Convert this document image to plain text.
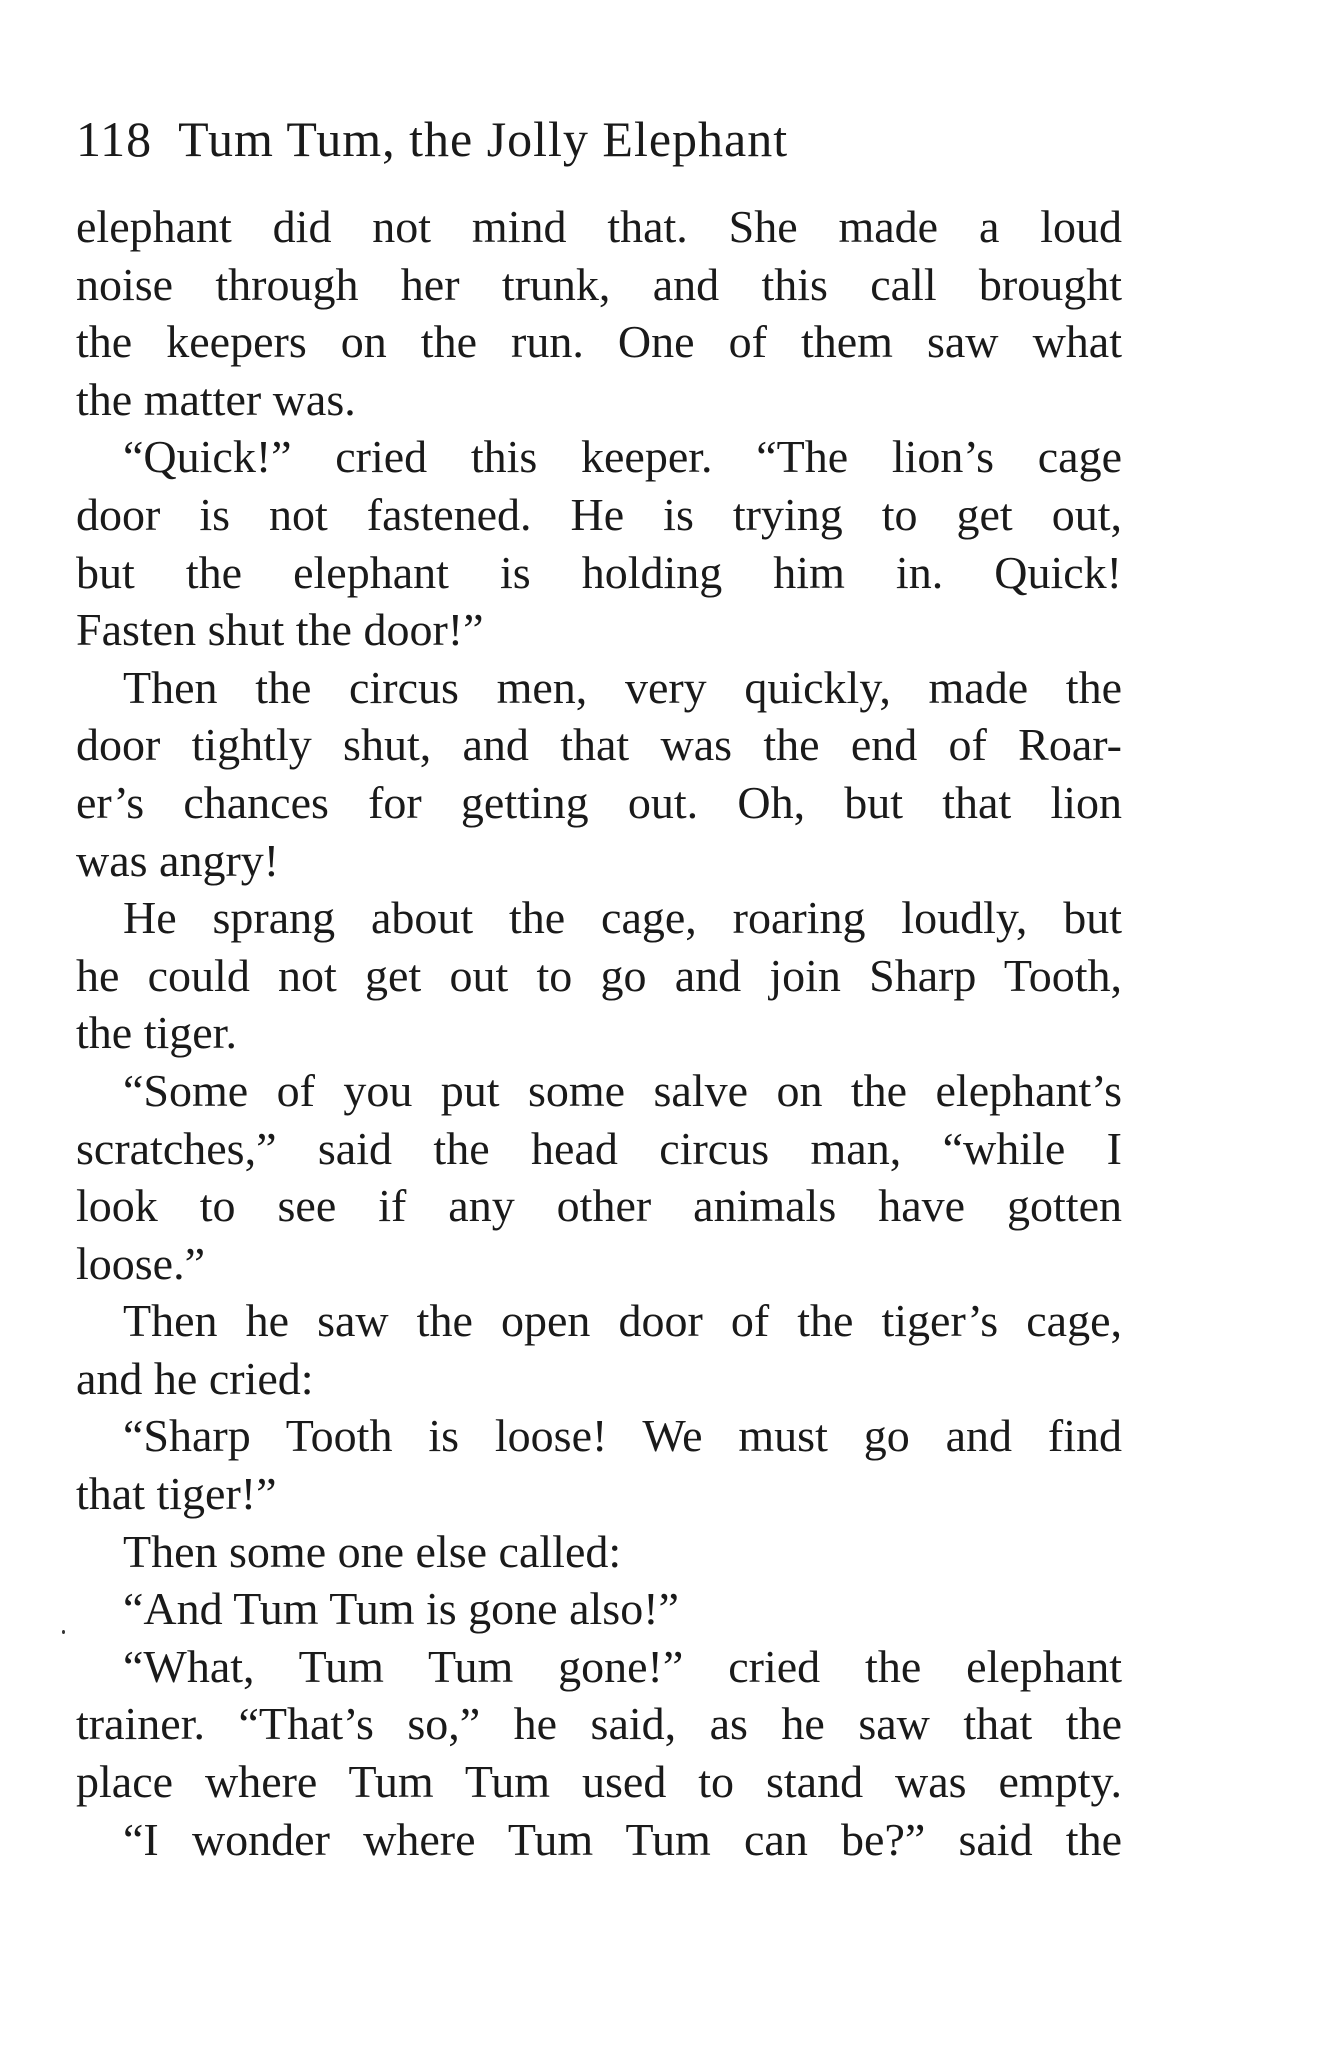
118 Tum Tum, the Jolly Elephant
elephant did not mind that. She made a loud
noise through her trunk, and this call brought
the keepers on the run. One of them saw what
the matter was.
“Quick!” cried this keeper. “The lion’s cage
door is not fastened. He is trying to get out,
but the elephant is holding him in. Quick!
Fasten shut the door!”
Then the circus men, very quickly, made the
door tightly shut, and that was the end of Roar-
er’s chances for getting out. Oh, but that lion
was angry!
He sprang about the cage, roaring loudly, but
he could not get out to go and join Sharp Tooth,
the tiger.
“Some of you put some salve on the elephant’s
scratches,” said the head circus man, “while I
look to see if any other animals have gotten
loose.”
Then he saw the open door of the tiger’s cage,
and he cried:
“Sharp Tooth is loose! We must go and find
that tiger!”
Then some one else called:
“And Tum Tum is gone also!”
“What, Tum Tum gone!” cried the elephant
trainer. “That’s so,” he said, as he saw that the
place where Tum Tum used to stand was empty.
“I wonder where Tum Tum can be?” said the
